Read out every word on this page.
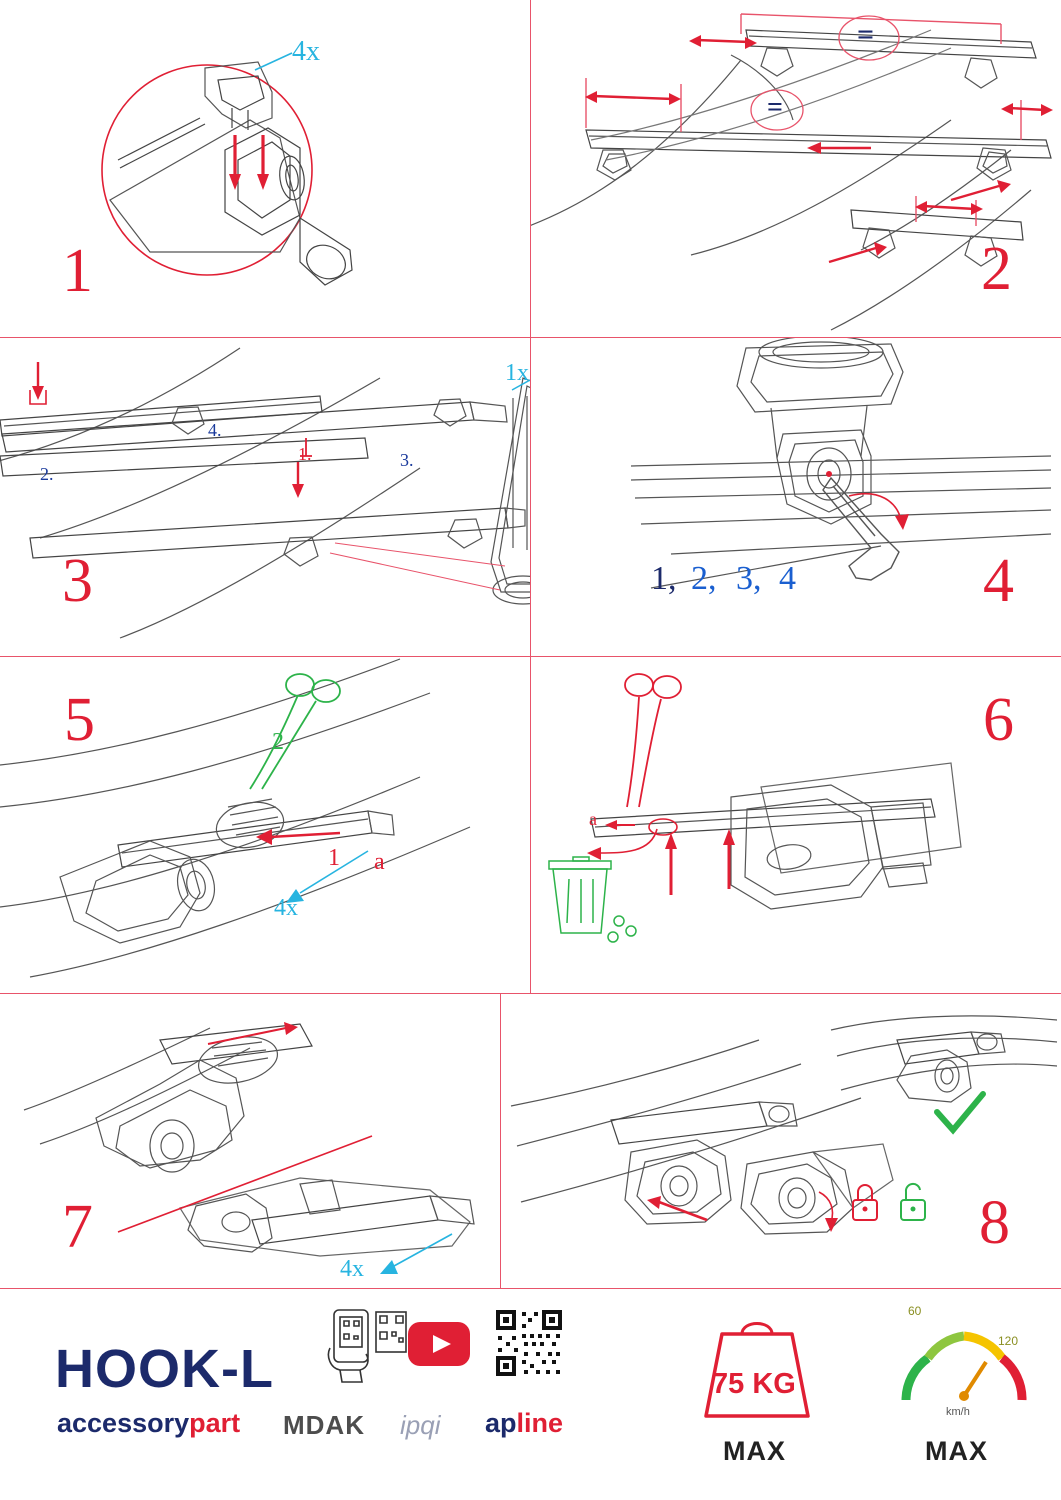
4x
1
=
=
2
1.
2.
3.
4.
1x
3	1, 2, 3, 4	4
2
1 a
4x
5
a
6
4x
7	8
HOOK-L
accessorypart MDAK ipqi apline
75 KG
MAX
60
120
km/h
MAX
